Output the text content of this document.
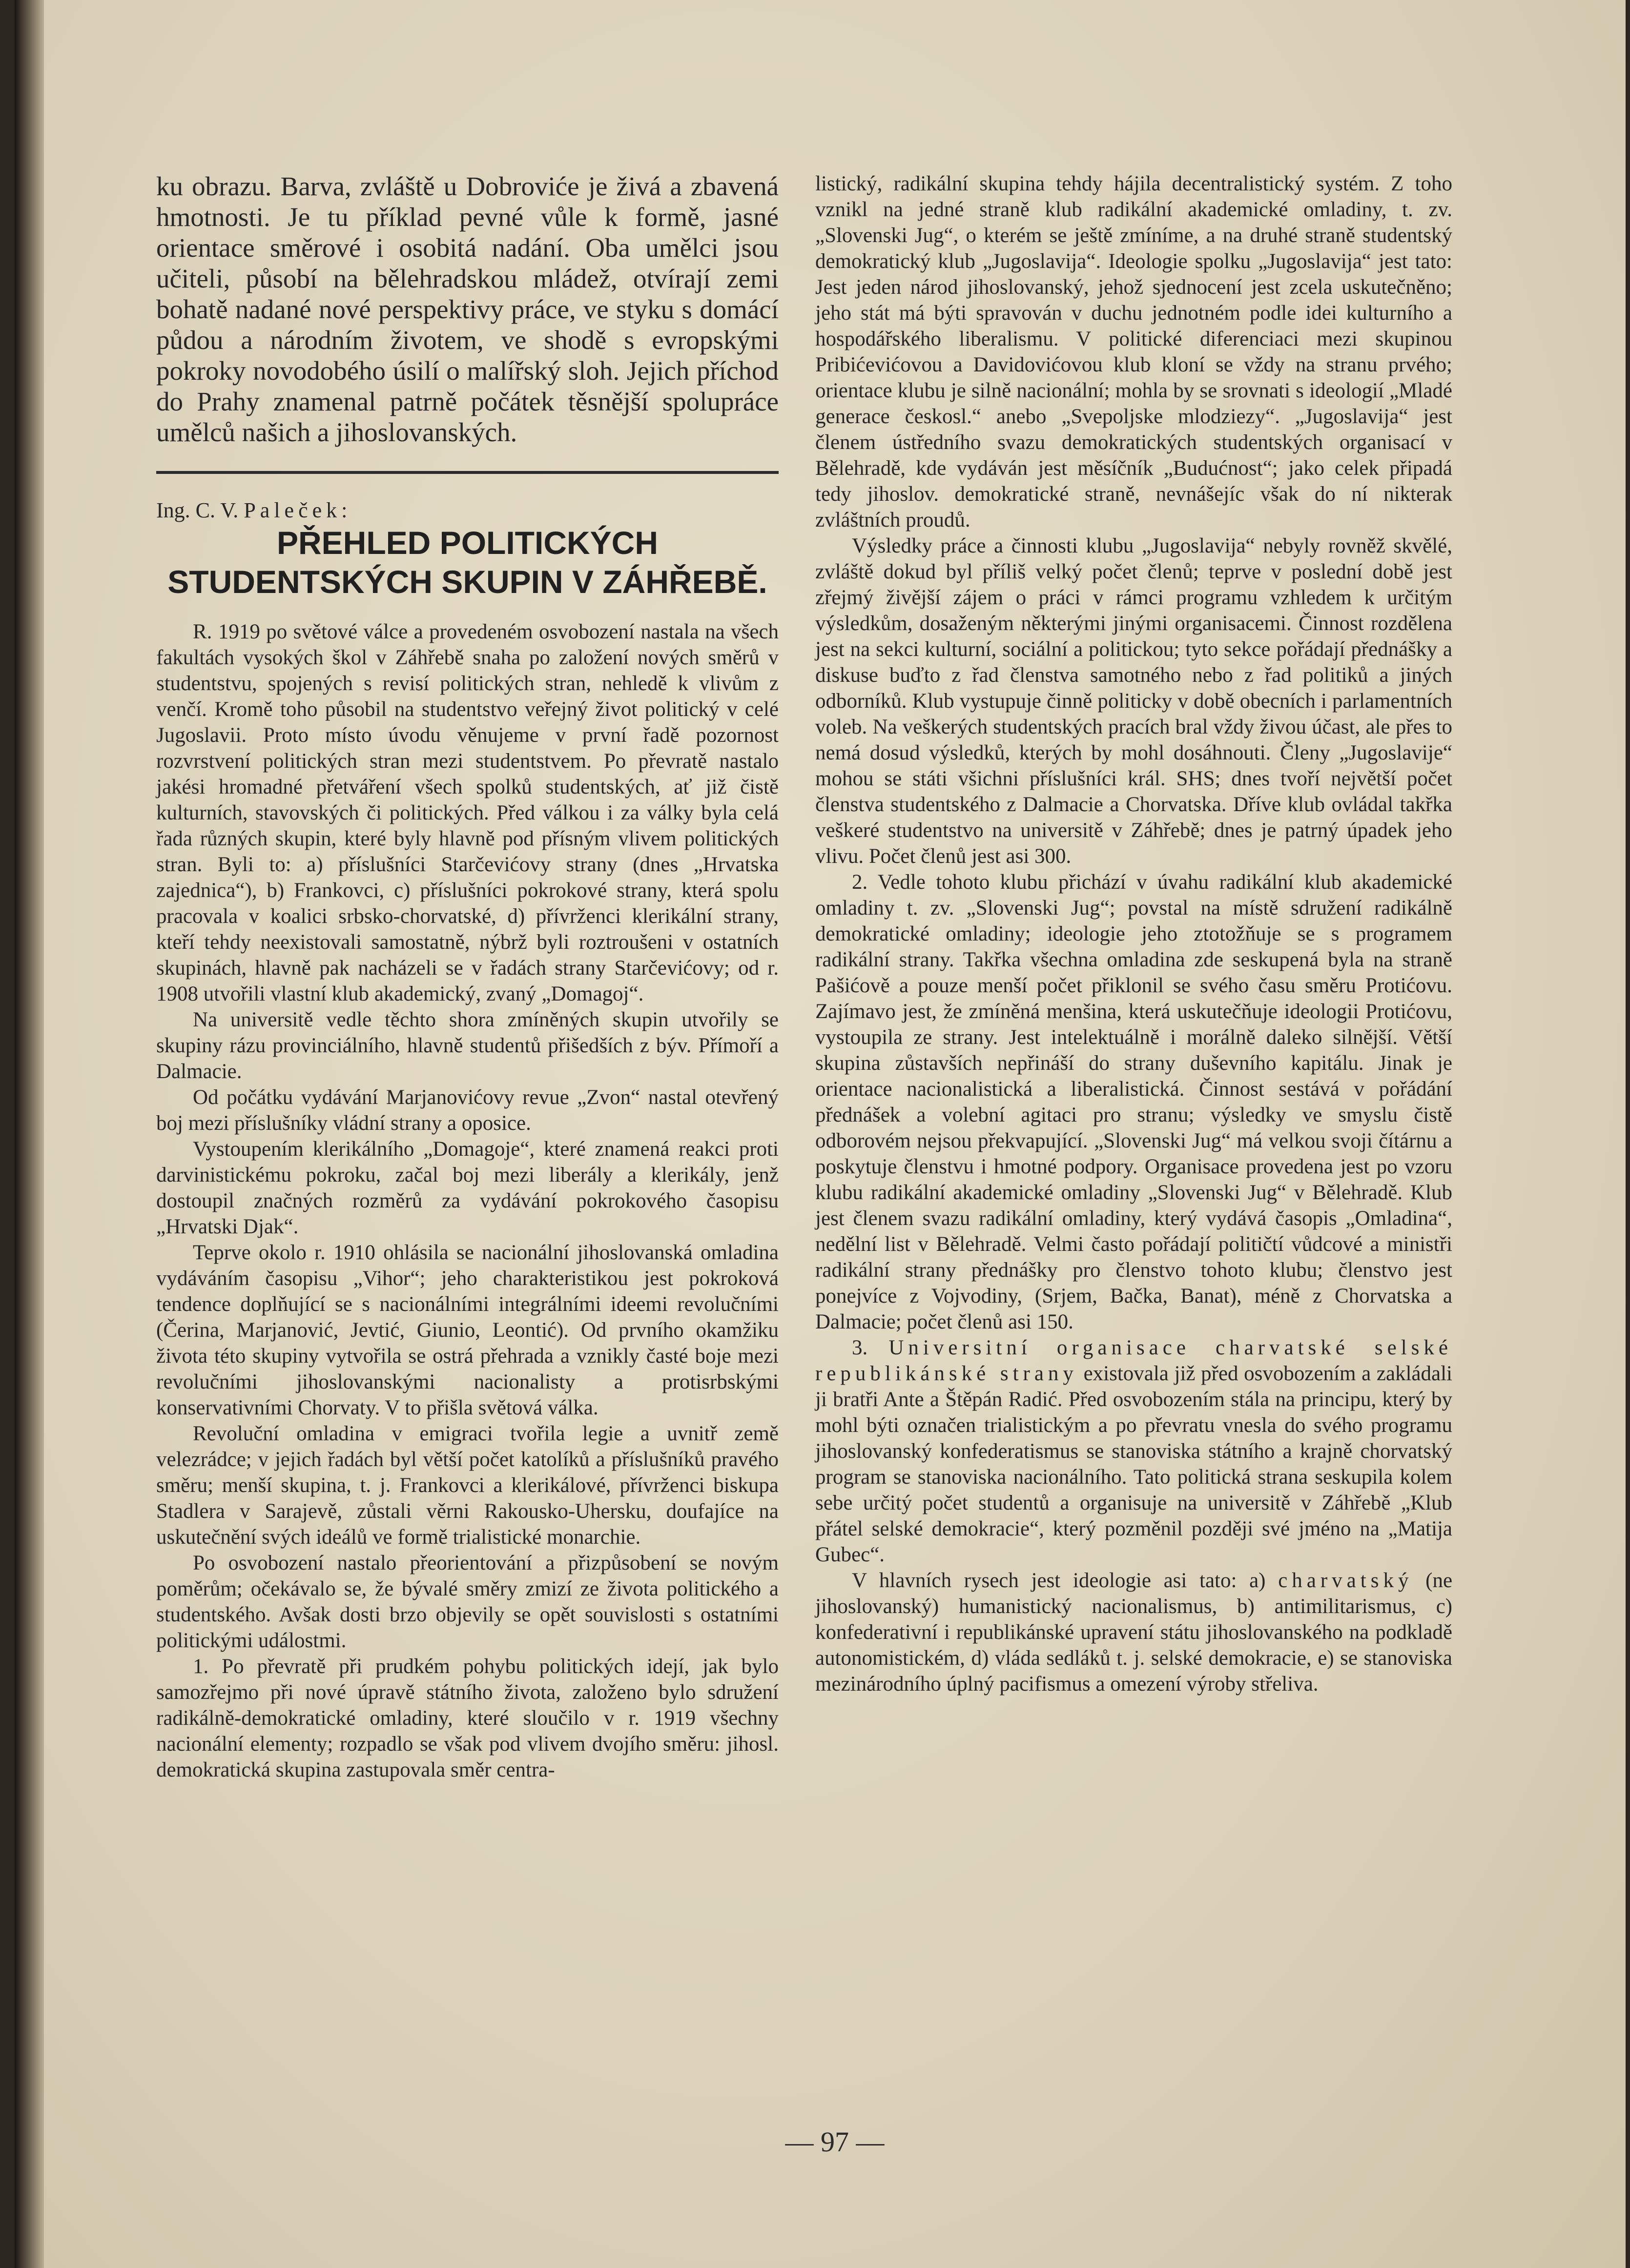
ku obrazu. Barva, zvláště u Dobroviće je živá a zbavená hmotnosti. Je tu příklad pevné vůle k formě, jasné orientace směrové i osobitá nadání. Oba umělci jsou učiteli, působí na bělehradskou mládež, otvírají zemi bohatě nadané nové perspektivy práce, ve styku s domácí půdou a národním životem, ve shodě s evropskými pokroky novodobého úsilí o malířský sloh. Jejich příchod do Prahy znamenal patrně počátek těsnější spolupráce umělců našich a jihoslovanských.

Ing. C. V. Paleček:

PŘEHLED POLITICKÝCH STUDENTSKÝCH SKUPIN V ZÁHŘEBĚ.

R. 1919 po světové válce a provedeném osvobození nastala na všech fakultách vysokých škol v Záhřebě snaha po založení nových směrů v studentstvu, spojených s revisí politických stran, nehledě k vlivům z venčí. Kromě toho působil na studentstvo veřejný život politický v celé Jugoslavii. Proto místo úvodu věnujeme v první řadě pozornost rozvrstvení politických stran mezi studentstvem. Po převratě nastalo jakési hromadné přetváření všech spolků studentských, ať již čistě kulturních, stavovských či politických. Před válkou i za války byla celá řada různých skupin, které byly hlavně pod přísným vlivem politických stran. Byli to: a) příslušníci Starčevićovy strany (dnes „Hrvatska zajednica“), b) Frankovci, c) příslušníci pokrokové strany, která spolu pracovala v koalici srbsko-chorvatské, d) přívrženci klerikální strany, kteří tehdy neexistovali samostatně, nýbrž byli roztroušeni v ostatních skupinách, hlavně pak nacházeli se v řadách strany Starčevićovy; od r. 1908 utvořili vlastní klub akademický, zvaný „Domagoj“.

Na universitě vedle těchto shora zmíněných skupin utvořily se skupiny rázu provinciálního, hlavně studentů přišedších z býv. Přímoří a Dalmacie.

Od počátku vydávání Marjanovićovy revue „Zvon“ nastal otevřený boj mezi příslušníky vládní strany a oposice.

Vystoupením klerikálního „Domagoje“, které znamená reakci proti darvinistickému pokroku, začal boj mezi liberály a klerikály, jenž dostoupil značných rozměrů za vydávání pokrokového časopisu „Hrvatski Djak“.

Teprve okolo r. 1910 ohlásila se nacionální jihoslovanská omladina vydáváním časopisu „Vihor“; jeho charakteristikou jest pokroková tendence doplňující se s nacionálními integrálními ideemi revolučními (Čerina, Marjanović, Jevtić, Giunio, Leontić). Od prvního okamžiku života této skupiny vytvořila se ostrá přehrada a vznikly časté boje mezi revolučními jihoslovanskými nacionalisty a protisrbskými konservativními Chorvaty. V to přišla světová válka.

Revoluční omladina v emigraci tvořila legie a uvnitř země velezrádce; v jejich řadách byl větší počet katolíků a příslušníků pravého směru; menší skupina, t. j. Frankovci a klerikálové, přívrženci biskupa Stadlera v Sarajevě, zůstali věrni Rakousko-Uhersku, doufajíce na uskutečnění svých ideálů ve formě trialistické monarchie.

Po osvobození nastalo přeorientování a přizpůsobení se novým poměrům; očekávalo se, že bývalé směry zmizí ze života politického a studentského. Avšak dosti brzo objevily se opět souvislosti s ostatními politickými událostmi.

1. Po převratě při prudkém pohybu politických idejí, jak bylo samozřejmo při nové úpravě státního života, založeno bylo sdružení radikálně-demokratické omladiny, které sloučilo v r. 1919 všechny nacionální elementy; rozpadlo se však pod vlivem dvojího směru: jihosl. demokratická skupina zastupovala směr centra-

listický, radikální skupina tehdy hájila decentralistický systém. Z toho vznikl na jedné straně klub radikální akademické omladiny, t. zv. „Slovenski Jug“, o kterém se ještě zmíníme, a na druhé straně studentský demokratický klub „Jugoslavija“. Ideologie spolku „Jugoslavija“ jest tato: Jest jeden národ jihoslovanský, jehož sjednocení jest zcela uskutečněno; jeho stát má býti spravován v duchu jednotném podle idei kulturního a hospodářského liberalismu. V politické diferenciaci mezi skupinou Pribićevićovou a Davidovićovou klub kloní se vždy na stranu prvého; orientace klubu je silně nacionální; mohla by se srovnati s ideologií „Mladé generace českosl.“ anebo „Svepoljske mlodziezy“. „Jugoslavija“ jest členem ústředního svazu demokratických studentských organisací v Bělehradě, kde vydáván jest měsíčník „Budućnost“; jako celek připadá tedy jihoslov. demokratické straně, nevnášejíc však do ní nikterak zvláštních proudů.

Výsledky práce a činnosti klubu „Jugoslavija“ nebyly rovněž skvělé, zvláště dokud byl příliš velký počet členů; teprve v poslední době jest zřejmý živější zájem o práci v rámci programu vzhledem k určitým výsledkům, dosaženým některými jinými organisacemi. Činnost rozdělena jest na sekci kulturní, sociální a politickou; tyto sekce pořádají přednášky a diskuse buďto z řad členstva samotného nebo z řad politiků a jiných odborníků. Klub vystupuje činně politicky v době obecních i parlamentních voleb. Na veškerých studentských pracích bral vždy živou účast, ale přes to nemá dosud výsledků, kterých by mohl dosáhnouti. Členy „Jugoslavije“ mohou se státi všichni příslušníci král. SHS; dnes tvoří největší počet členstva studentského z Dalmacie a Chorvatska. Dříve klub ovládal takřka veškeré studentstvo na universitě v Záhřebě; dnes je patrný úpadek jeho vlivu. Počet členů jest asi 300.

2. Vedle tohoto klubu přichází v úvahu radikální klub akademické omladiny t. zv. „Slovenski Jug“; povstal na místě sdružení radikálně demokratické omladiny; ideologie jeho ztotožňuje se s programem radikální strany. Takřka všechna omladina zde seskupená byla na straně Pašićově a pouze menší počet přiklonil se svého času směru Protićovu. Zajímavo jest, že zmíněná menšina, která uskutečňuje ideologii Protićovu, vystoupila ze strany. Jest intelektuálně i morálně daleko silnější. Větší skupina zůstavších nepřináší do strany duševního kapitálu. Jinak je orientace nacionalistická a liberalistická. Činnost sestává v pořádání přednášek a volební agitaci pro stranu; výsledky ve smyslu čistě odborovém nejsou překvapující. „Slovenski Jug“ má velkou svoji čítárnu a poskytuje členstvu i hmotné podpory. Organisace provedena jest po vzoru klubu radikální akademické omladiny „Slovenski Jug“ v Bělehradě. Klub jest členem svazu radikální omladiny, který vydává časopis „Omladina“, nedělní list v Bělehradě. Velmi často pořádají političtí vůdcové a ministři radikální strany přednášky pro členstvo tohoto klubu; členstvo jest ponejvíce z Vojvodiny, (Srjem, Bačka, Banat), méně z Chorvatska a Dalmacie; počet členů asi 150.

3. Universitní organisace charvatské selské republikánské strany existovala již před osvobozením a zakládali ji bratři Ante a Štěpán Radić. Před osvobozením stála na principu, který by mohl býti označen trialistickým a po převratu vnesla do svého programu jihoslovanský konfederatismus se stanoviska státního a krajně chorvatský program se stanoviska nacionálního. Tato politická strana seskupila kolem sebe určitý počet studentů a organisuje na universitě v Záhřebě „Klub přátel selské demokracie“, který pozměnil později své jméno na „Matija Gubec“.

V hlavních rysech jest ideologie asi tato: a) charvatský (ne jihoslovanský) humanistický nacionalismus, b) antimilitarismus, c) konfederativní i republikánské upravení státu jihoslovanského na podkladě autonomistickém, d) vláda sedláků t. j. selské demokracie, e) se stanoviska mezinárodního úplný pacifismus a omezení výroby střeliva.

— 97 —
